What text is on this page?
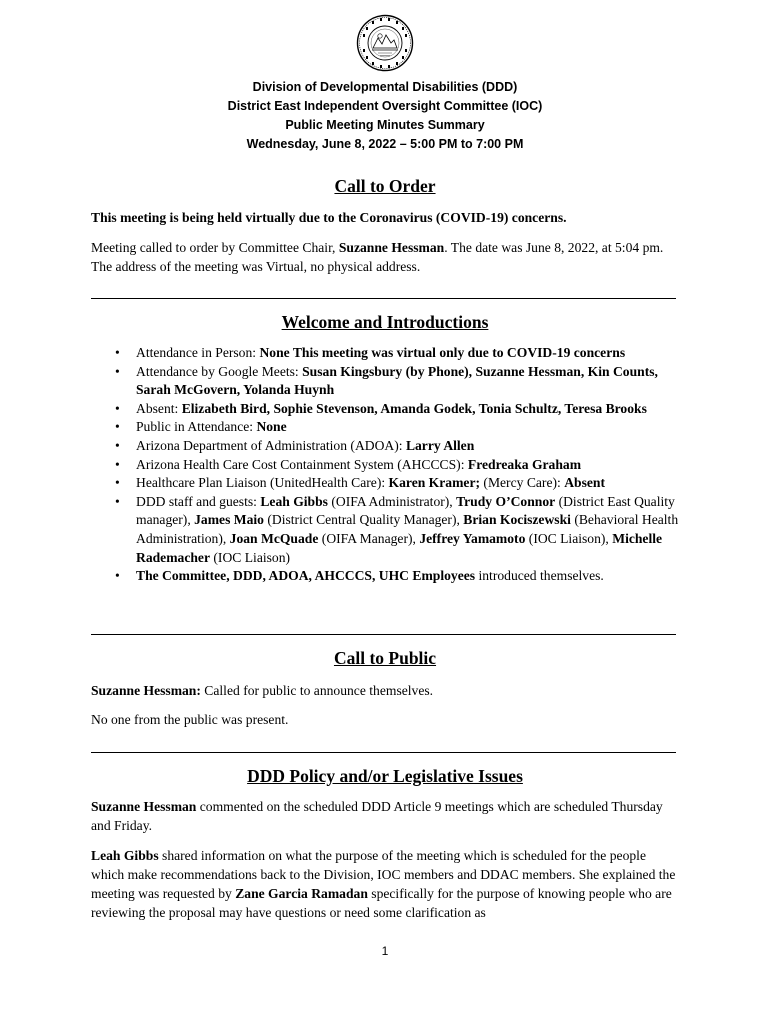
Division of Developmental Disabilities (DDD)
District East Independent Oversight Committee (IOC)
Public Meeting Minutes Summary
Wednesday, June 8, 2022 – 5:00 PM to 7:00 PM
Call to Order
This meeting is being held virtually due to the Coronavirus (COVID-19) concerns.
Meeting called to order by Committee Chair, Suzanne Hessman. The date was June 8, 2022, at 5:04 pm. The address of the meeting was Virtual, no physical address.
Welcome and Introductions
• Attendance in Person: None This meeting was virtual only due to COVID-19 concerns
• Attendance by Google Meets: Susan Kingsbury (by Phone), Suzanne Hessman, Kin Counts, Sarah McGovern, Yolanda Huynh
• Absent: Elizabeth Bird, Sophie Stevenson, Amanda Godek, Tonia Schultz, Teresa Brooks
• Public in Attendance: None
• Arizona Department of Administration (ADOA): Larry Allen
• Arizona Health Care Cost Containment System (AHCCCS): Fredreaka Graham
• Healthcare Plan Liaison (UnitedHealth Care): Karen Kramer; (Mercy Care): Absent
• DDD staff and guests: Leah Gibbs (OIFA Administrator), Trudy O’Connor (District East Quality manager), James Maio (District Central Quality Manager), Brian Kociszewski (Behavioral Health Administration), Joan McQuade (OIFA Manager), Jeffrey Yamamoto (IOC Liaison), Michelle Rademacher (IOC Liaison)
• The Committee, DDD, ADOA, AHCCCS, UHC Employees introduced themselves.
Call to Public
Suzanne Hessman: Called for public to announce themselves.
No one from the public was present.
DDD Policy and/or Legislative Issues
Suzanne Hessman commented on the scheduled DDD Article 9 meetings which are scheduled Thursday and Friday.
Leah Gibbs shared information on what the purpose of the meeting which is scheduled for the people which make recommendations back to the Division, IOC members and DDAC members. She explained the meeting was requested by Zane Garcia Ramadan specifically for the purpose of knowing people who are reviewing the proposal may have questions or need some clarification as
1
